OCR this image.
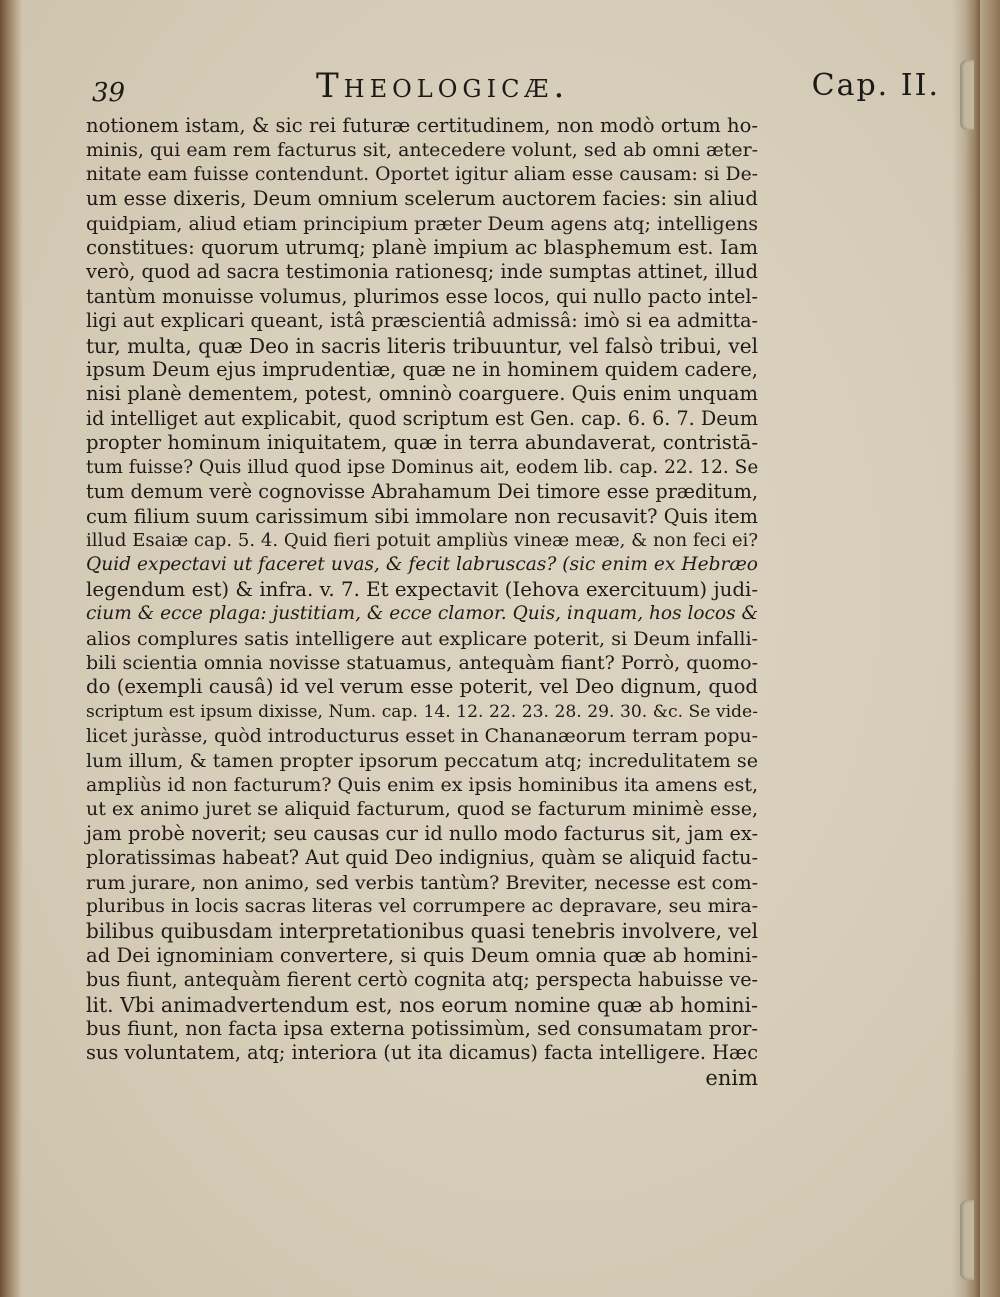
39	Theologicæ.	Cap. II.
notionem istam, & sic rei futuræ certitudinem, non modò ortum ho-
minis, qui eam rem facturus sit, antecedere volunt, sed ab omni æter-
nitate eam fuisse contendunt. Oportet igitur aliam esse causam: si De-
um esse dixeris, Deum omnium scelerum auctorem facies: sin aliud
quidpiam, aliud etiam principium præter Deum agens atq; intelligens
constitues: quorum utrumq; planè impium ac blasphemum est. Iam
verò, quod ad sacra testimonia rationesq; inde sumptas attinet, illud
tantùm monuisse volumus, plurimos esse locos, qui nullo pacto intel-
ligi aut explicari queant, istâ præscientiâ admissâ: imò si ea admitta-
tur, multa, quæ Deo in sacris literis tribuuntur, vel falsò tribui, vel
ipsum Deum ejus imprudentiæ, quæ ne in hominem quidem cadere,
nisi planè dementem, potest, omninò coarguere. Quis enim unquam
id intelliget aut explicabit, quod scriptum est Gen. cap. 6. 6. 7. Deum
propter hominum iniquitatem, quæ in terra abundaverat, contristā-
tum fuisse? Quis illud quod ipse Dominus ait, eodem lib. cap. 22. 12. Se
tum demum verè cognovisse Abrahamum Dei timore esse præditum,
cum filium suum carissimum sibi immolare non recusavit? Quis item
illud Esaiæ cap. 5. 4. Quid fieri potuit ampliùs vineæ meæ, & non feci ei?
Quid expectavi ut faceret uvas, & fecit labruscas? (sic enim ex Hebræo
legendum est) & infra. v. 7. Et expectavit (Iehova exercituum) judi-
cium & ecce plaga: justitiam, & ecce clamor. Quis, inquam, hos locos &
alios complures satis intelligere aut explicare poterit, si Deum infalli-
bili scientia omnia novisse statuamus, antequàm fiant? Porrò, quomo-
do (exempli causâ) id vel verum esse poterit, vel Deo dignum, quod
scriptum est ipsum dixisse, Num. cap. 14. 12. 22. 23. 28. 29. 30. &c. Se vide-
licet juràsse, quòd introducturus esset in Chananæorum terram popu-
lum illum, & tamen propter ipsorum peccatum atq; incredulitatem se
ampliùs id non facturum? Quis enim ex ipsis hominibus ita amens est,
ut ex animo juret se aliquid facturum, quod se facturum minimè esse,
jam probè noverit; seu causas cur id nullo modo facturus sit, jam ex-
ploratissimas habeat? Aut quid Deo indignius, quàm se aliquid factu-
rum jurare, non animo, sed verbis tantùm? Breviter, necesse est com-
pluribus in locis sacras literas vel corrumpere ac depravare, seu mira-
bilibus quibusdam interpretationibus quasi tenebris involvere, vel
ad Dei ignominiam convertere, si quis Deum omnia quæ ab homini-
bus fiunt, antequàm fierent certò cognita atq; perspecta habuisse ve-
lit. Vbi animadvertendum est, nos eorum nomine quæ ab homini-
bus fiunt, non facta ipsa externa potissimùm, sed consumatam pror-
sus voluntatem, atq; interiora (ut ita dicamus) facta intelligere. Hæc
enim
